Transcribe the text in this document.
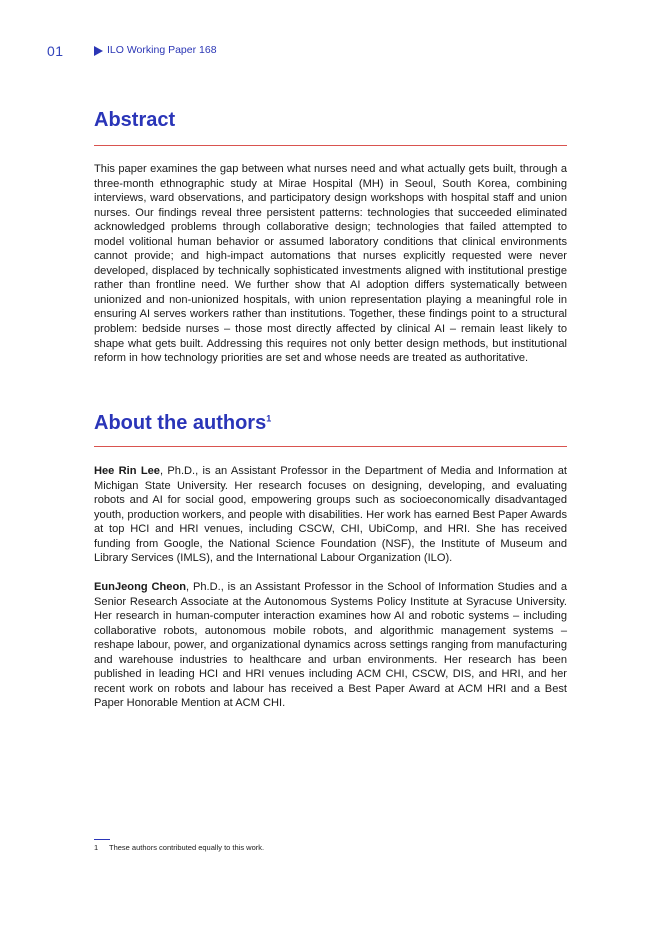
01	ILO Working Paper 168
Abstract

This paper examines the gap between what nurses need and what actually gets built, through a three-month ethnographic study at Mirae Hospital (MH) in Seoul, South Korea, combining interviews, ward observations, and participatory design workshops with hospital staff and union nurses. Our findings reveal three persistent patterns: technologies that succeeded eliminated acknowledged problems through collaborative design; technologies that failed attempted to model volitional human behavior or assumed laboratory conditions that clinical environments cannot provide; and high-impact automations that nurses explicitly requested were never developed, displaced by technically sophisticated investments aligned with institutional prestige rather than frontline need. We further show that AI adoption differs systematically between unionized and non-unionized hospitals, with union representation playing a meaningful role in ensuring AI serves workers rather than institutions. Together, these findings point to a structural problem: bedside nurses – those most directly affected by clinical AI – remain least likely to shape what gets built. Addressing this requires not only better design methods, but institutional reform in how technology priorities are set and whose needs are treated as authoritative.

About the authors$^1$

Hee Rin Lee, Ph.D., is an Assistant Professor in the Department of Media and Information at Michigan State University. Her research focuses on designing, developing, and evaluating robots and AI for social good, empowering groups such as socioeconomically disadvantaged youth, production workers, and people with disabilities. Her work has earned Best Paper Awards at top HCI and HRI venues, including CSCW, CHI, UbiComp, and HRI. She has received funding from Google, the National Science Foundation (NSF), the Institute of Museum and Library Services (IMLS), and the International Labour Organization (ILO).

EunJeong Cheon, Ph.D., is an Assistant Professor in the School of Information Studies and a Senior Research Associate at the Autonomous Systems Policy Institute at Syracuse University. Her research in human-computer interaction examines how AI and robotic systems – including collaborative robots, autonomous mobile robots, and algorithmic management systems – reshape labour, power, and organizational dynamics across settings ranging from manufacturing and warehouse industries to healthcare and urban environments. Her research has been published in leading HCI and HRI venues including ACM CHI, CSCW, DIS, and HRI, and her recent work on robots and labour has received a Best Paper Award at ACM HRI and a Best Paper Honorable Mention at ACM CHI.

1 These authors contributed equally to this work.
